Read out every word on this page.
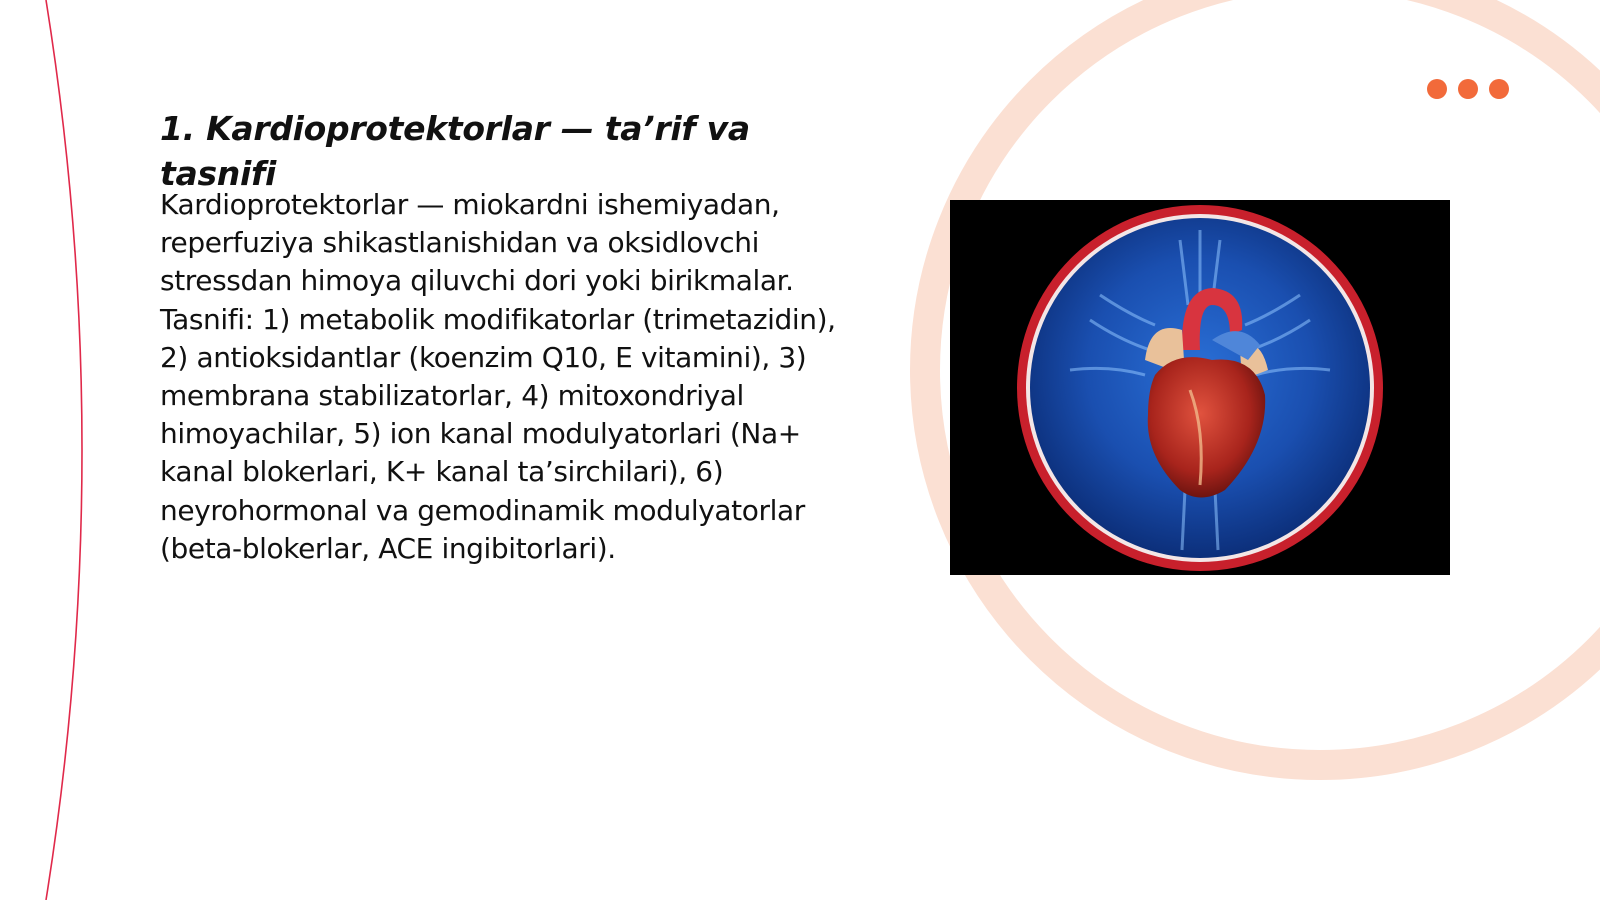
1. Kardioprotektorlar — ta’rif va tasnifi

Kardioprotektorlar — miokardni ishemiyadan, reperfuziya shikastlanishidan va oksidlovchi stressdan himoya qiluvchi dori yoki birikmalar. Tasnifi: 1) metabolik modifikatorlar (trimetazidin), 2) antioksidantlar (koenzim Q10, E vitamini), 3) membrana stabilizatorlar, 4) mitoxondriyal himoyachilar, 5) ion kanal modulyatorlari (Na+ kanal blokerlari, K+ kanal ta’sirchilari), 6) neyrohormonal va gemodinamik modulyatorlar (beta-blokerlar, ACE ingibitorlari).
